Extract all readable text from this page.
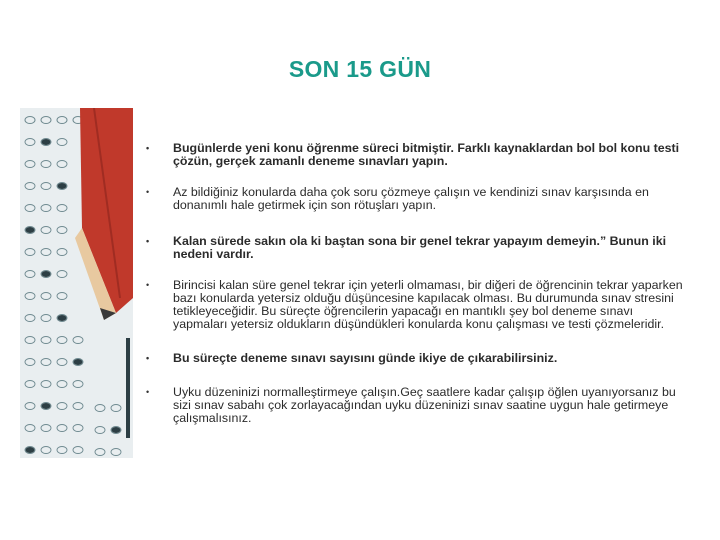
SON 15 GÜN
• Bugünlerde yeni konu öğrenme süreci bitmiştir. Farklı kaynaklardan bol bol konu testi çözün, gerçek zamanlı deneme sınavları yapın.
• Az bildiğiniz konularda daha çok soru çözmeye çalışın ve kendinizi sınav karşısında en donanımlı hale getirmek için son rötuşları yapın.
• Kalan sürede sakın ola ki baştan sona bir genel tekrar yapayım demeyin.” Bunun iki nedeni vardır.
• Birincisi kalan süre genel tekrar için yeterli olmaması, bir diğeri de öğrencinin tekrar yaparken bazı konularda yetersiz olduğu düşüncesine kapılacak olması. Bu durumunda sınav stresini tetikleyeceğidir. Bu süreçte öğrencilerin yapacağı en mantıklı şey bol deneme sınavı yapmaları yetersiz oldukların düşündükleri konularda konu çalışması ve testi çözmeleridir.
• Bu süreçte deneme sınavı sayısını günde ikiye de çıkarabilirsiniz.
• Uyku düzeninizi normalleştirmeye çalışın.Geç saatlere kadar çalışıp öğlen uyanıyorsanız bu sizi sınav sabahı çok zorlayacağından uyku düzeninizi sınav saatine uygun hale getirmeye çalışmalısınız.
